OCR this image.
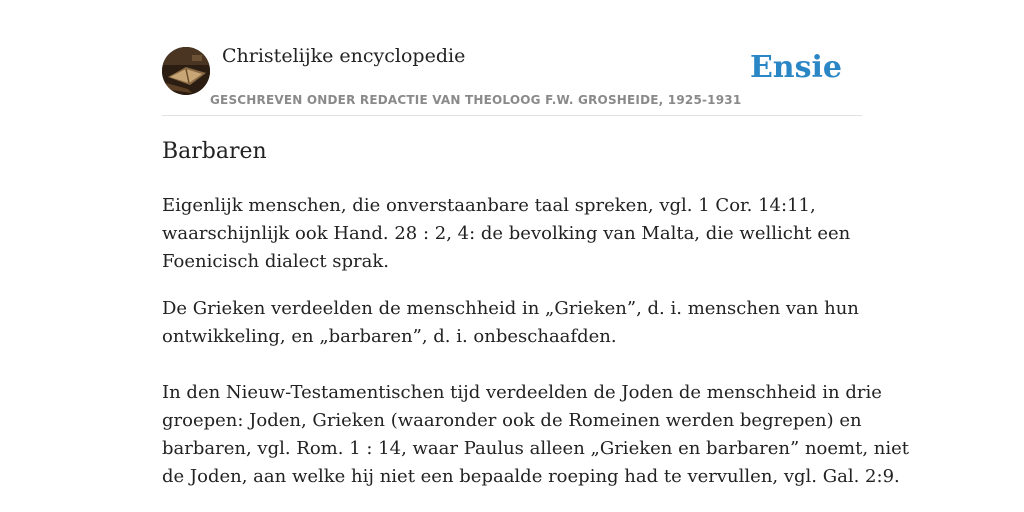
Christelijke encyclopedie
GESCHREVEN ONDER REDACTIE VAN THEOLOOG F.W. GROSHEIDE, 1925-1931
Ensie
Barbaren

Eigenlijk menschen, die onverstaanbare taal spreken, vgl. 1 Cor. 14:11,
waarschijnlijk ook Hand. 28 : 2, 4: de bevolking van Malta, die wellicht een
Foenicisch dialect sprak.

De Grieken verdeelden de menschheid in „Grieken”, d. i. menschen van hun
ontwikkeling, en „barbaren”, d. i. onbeschaafden.

In den Nieuw-Testamentischen tijd verdeelden de Joden de menschheid in drie
groepen: Joden, Grieken (waaronder ook de Romeinen werden begrepen) en
barbaren, vgl. Rom. 1 : 14, waar Paulus alleen „Grieken en barbaren” noemt, niet
de Joden, aan welke hij niet een bepaalde roeping had te vervullen, vgl. Gal. 2:9.
